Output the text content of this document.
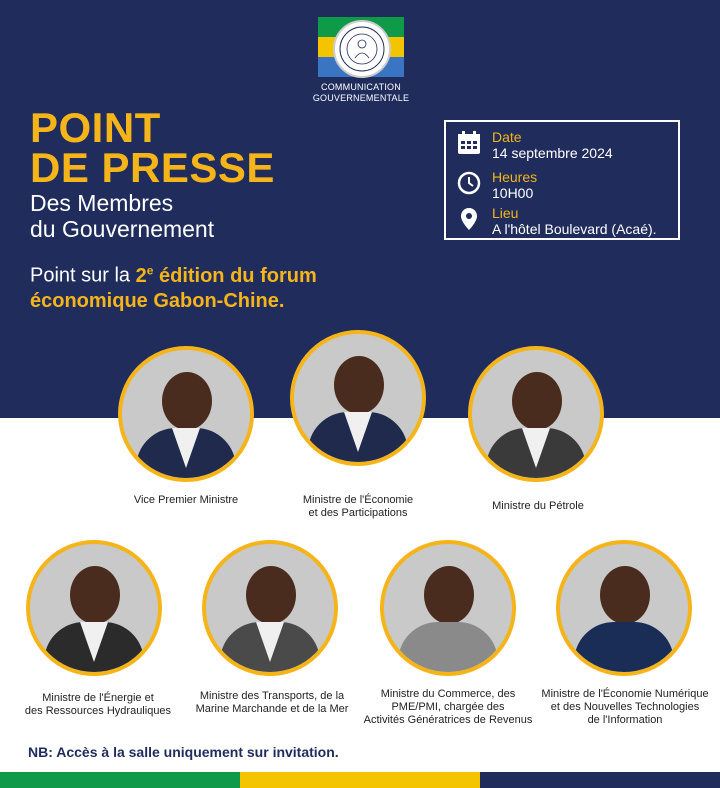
COMMUNICATION
GOUVERNEMENTALE
POINT
DE PRESSE
Des Membres
du Gouvernement
Point sur la 2e édition du forum
économique Gabon-Chine.
Date
14 septembre 2024
Heures
10H00
Lieu
A l'hôtel Boulevard (Acaé).
Vice Premier Ministre	Ministre de l'Économie
et des Participations
Ministre du Pétrole
Ministre de l'Énergie et
des Ressources Hydrauliques
Ministre des Transports, de la
Marine Marchande et de la Mer
Ministre du Commerce, des
PME/PMI, chargée des
Activités Génératrices de Revenus
Ministre de l'Économie Numérique
et des Nouvelles Technologies
de l'Information
NB: Accès à la salle uniquement sur invitation.
